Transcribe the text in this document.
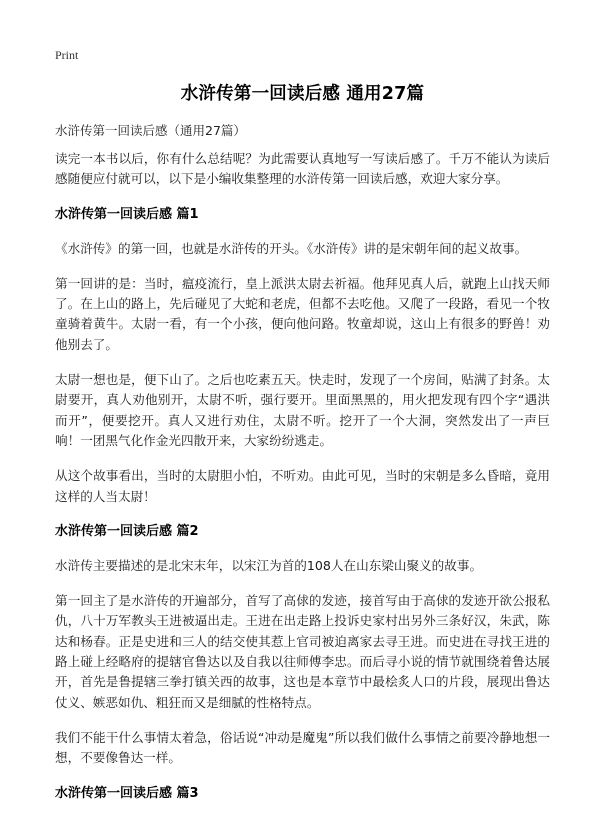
Print
水浒传第一回读后感 通用27篇
水浒传第一回读后感（通用27篇）

读完一本书以后，你有什么总结呢？为此需要认真地写一写读后感了。千万不能认为读后感随便应付就可以，以下是小编收集整理的水浒传第一回读后感，欢迎大家分享。

水浒传第一回读后感 篇1

《水浒传》的第一回，也就是水浒传的开头。《水浒传》讲的是宋朝年间的起义故事。

第一回讲的是：当时，瘟疫流行，皇上派洪太尉去祈福。他拜见真人后，就跑上山找天师了。在上山的路上，先后碰见了大蛇和老虎，但都不去吃他。又爬了一段路，看见一个牧童骑着黄牛。太尉一看，有一个小孩，便向他问路。牧童却说，这山上有很多的野兽！劝他别去了。

太尉一想也是，便下山了。之后也吃素五天。快走时，发现了一个房间，贴满了封条。太尉要开，真人劝他别开，太尉不听，强行要开。里面黑黑的，用火把发现有四个字“遇洪而开”，便要挖开。真人又进行劝住，太尉不听。挖开了一个大洞，突然发出了一声巨响！一团黑气化作金光四散开来，大家纷纷逃走。

从这个故事看出，当时的太尉胆小怕，不听劝。由此可见，当时的宋朝是多么昏暗，竟用这样的人当太尉！

水浒传第一回读后感 篇2

水浒传主要描述的是北宋末年，以宋江为首的108人在山东梁山聚义的故事。

第一回主了是水浒传的开遍部分，首写了高俅的发迹，接首写由于高俅的发迹开欲公报私仇，八十万军教头王进被逼出走。王进在出走路上投诉史家村出另外三条好汉，朱武，陈达和杨春。正是史进和三人的结交使其惹上官司被迫离家去寻王进。而史进在寻找王进的路上碰上经略府的提辖官鲁达以及自我以往师傅李忠。而后寻小说的情节就围绕着鲁达展开，首先是鲁提辖三拳打镇关西的故事，这也是本章节中最桧炙人口的片段，展现出鲁达仗义、嫉恶如仇、粗狂而又是细腻的性格特点。

我们不能干什么事情太着急，俗话说“冲动是魔鬼”所以我们做什么事情之前要冷静地想一想，不要像鲁达一样。

水浒传第一回读后感 篇3
